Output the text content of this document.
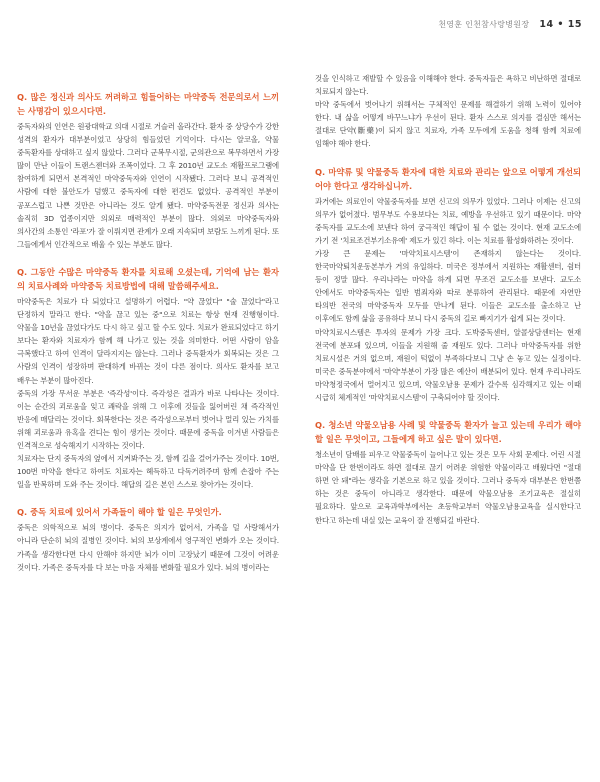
천영훈 인천참사랑병원장 14 • 15

Q. 많은 정신과 의사도 꺼려하고 힘들어하는 마약중독 전문의로서 느끼는 사명감이 있으시다면.

중독자와의 인연은 원광대학교 의대 시절로 거슬러 올라간다. 환자 중 상당수가 강한 성격의 환자가 대부분이었고 상당히 힘들었던 기억이다. 다시는 알코올, 약물 중독환자를 상대하고 싶지 않았다. 그러다 군복무시절, 군의관으로 복무하면서 가장 많이 만난 이들이 트랜스젠더와 조폭이었다. 그 후 2010년 교도소 재활프로그램에 참여하게 되면서 본격적인 마약중독자와 인연이 시작됐다. 그러다 보니 공격적인 사람에 대한 불안도가 덤했고 중독자에 대한 편견도 없었다. 공격적인 부분이 공포스럽고 나쁜 것만은 아니라는 것도 알게 됐다. 마약중독전문 정신과 의사는 솔직히 3D 업종이지만 의외로 매력적인 부분이 많다. 의외로 마약중독자와 의사간의 소통인 '라포'가 잘 이뤄지면 관계가 오래 지속되며 보람도 느끼게 된다. 또 그들에게서 인간적으로 배울 수 있는 부분도 많다.

Q. 그동안 수많은 마약중독 환자를 치료해 오셨는데, 기억에 남는 환자의 치료사례와 마약중독 치료방법에 대해 말씀해주세요.

마약중독은 치료가 다 되었다고 설명하기 어렵다. "약 끊었다" "술 끊었다"라고 단정하지 말라고 한다. "약을 끊고 있는 중"으로 치료는 항상 현재 진행형이다. 약물을 10년을 끊었다가도 다시 하고 싶고 할 수도 있다. 치료가 완료되었다고 하기 보다는 환자와 치료자가 함께 해 나가고 있는 것을 의미한다. 어떤 사람이 암을 극복했다고 하여 인격이 달라지지는 않는다. 그러나 중독환자가 회복되는 것은 그 사람의 인격이 성장하며 판대하게 바뀌는 것이 다른 점이다. 의사도 환자를 보고 배우는 부분이 많아진다.

중독의 가장 무서운 부분은 '즉각성'이다. 즉각성은 결과가 바로 나타나는 것이다. 이는 순간의 괴로움을 잊고 쾌락을 위해 그 이후에 것들을 잃어버린 채 즉각적인 반응에 매달리는 것이다. 회복한다는 것은 즉각성으로부터 벗어나 멀리 있는 가치를 위해 괴로움과 유혹을 견디는 힘이 생기는 것이다. 때문에 중독을 이겨낸 사람들은 인격적으로 성숙해지기 시작하는 것이다.

치료자는 단지 중독자의 옆에서 지켜봐주는 것, 함께 길을 걸어가주는 것이다. 10번, 100번 마약을 한다고 하여도 치료자는 헤득하고 다독거려주며 함께 손잡아 주는 일을 반복하며 도와 주는 것이다. 해답의 길은 본인 스스로 찾아가는 것이다.

Q. 중독 치료에 있어서 가족들이 해야 할 일은 무엇인가.

중독은 의학적으로 뇌의 병이다. 중독은 의지가 없어서, 가족을 덜 사랑해서가 아니라 단순히 뇌의 질병인 것이다. 뇌의 보상계에서 영구적인 변화가 오는 것이다. 가족을 생각한다면 다시 안해야 하지만 뇌가 이미 고장났기 때문에 그것이 어려운 것이다. 가족은 중독자를 다 보는 마음 자체를 변화할 필요가 있다. 뇌의 병이라는

것을 인식하고 재발할 수 있음을 이해해야 한다. 중독자들은 욕하고 비난하면 절대로 치료되지 않는다.

마약 중독에서 벗어나기 위해서는 구체적인 문제를 해결하기 위해 노력이 있어야 한다. 내 삶을 어떻게 바꾸느냐가 우선이 된다. 환자 스스로 의지를 결심만 해서는 절대로 단약(斷藥)이 되지 않고 치료자, 가족 모두에게 도움을 청해 함께 치료에 임해야 해야 한다.

Q. 마약류 및 약물중독 환자에 대한 치료와 관리는 앞으로 어떻게 개선되어야 한다고 생각하십니까.

과거에는 의료인이 약물중독자를 보면 신고의 의무가 있었다. 그러나 이제는 신고의 의무가 없어졌다. 범무부도 수용보다는 치료, 예방을 우선하고 있기 때문이다. 마약 중독자를 교도소에 보낸다 하여 궁극적인 해답이 될 수 없는 것이다. 현재 교도소에 가기 전 '치료조건부기소유예' 제도가 있긴 하다. 이는 치료를 활성화하려는 것이다.

가장 큰 문제는 '마약치료시스템'이 존재하지 않는다는 것이다. 한국마약퇴치운동본부가 거의 유일하다. 미국은 정부에서 지원하는 재활센터, 쉼터 등이 정말 많다. 우리나라는 마약을 하게 되면 무조건 교도소를 보낸다. 교도소 안에서도 마약중독자는 일반 범죄자와 따로 분류하여 관리된다. 때문에 자연만 타의반 전국의 마약중독자 모두를 만나게 된다. 이들은 교도소를 출소하고 난 이후에도 함께 삶을 공유하다 보니 다시 중독의 길로 빠지기가 쉽게 되는 것이다.

마약치료시스템은 투자의 문제가 가장 크다. 도박중독센터, 알콜상담센터는 현재 전국에 분포돼 있으며, 이들을 지원해 줄 재원도 있다. 그러나 마약중독자를 위한 치료시설은 거의 없으며, 재원이 턱없이 부족하다보니 그냥 손 놓고 있는 실정이다. 미국은 중독분야에서 '마약'부분이 가장 많은 예산이 배분되어 있다. 현재 우리나라도 마약청정국에서 멀어지고 있으며, 약물오남용 문제가 갈수록 심각해지고 있는 이때 시급히 체계적인 '마약치료시스템'이 구축되어야 할 것이다.

Q. 청소년 약물오남용 사례 및 약물중독 환자가 늘고 있는데 우리가 해야 할 일은 무엇이고, 그들에게 하고 싶은 말이 있다면.

청소년이 담배를 피우고 약물중독이 늘어나고 있는 것은 모두 사회 문제다. 어린 시절 마약을 단 한번이라도 하면 절대로 끊기 어려운 위험한 약물이라고 배웠다면 "절대 하면 안 돼"라는 생각을 기본으로 하고 있을 것이다. 그러나 중독자 대부분은 한번쯤 하는 것은 중독이 아니라고 생각한다. 때문에 약물오남용 조기교육은 절실히 필요하다. 앞으로 교육과학부에서는 초등학교부터 약물오남용교육을 실시한다고 한다고 하는데 내실 있는 교육이 잘 진행되길 바란다.
